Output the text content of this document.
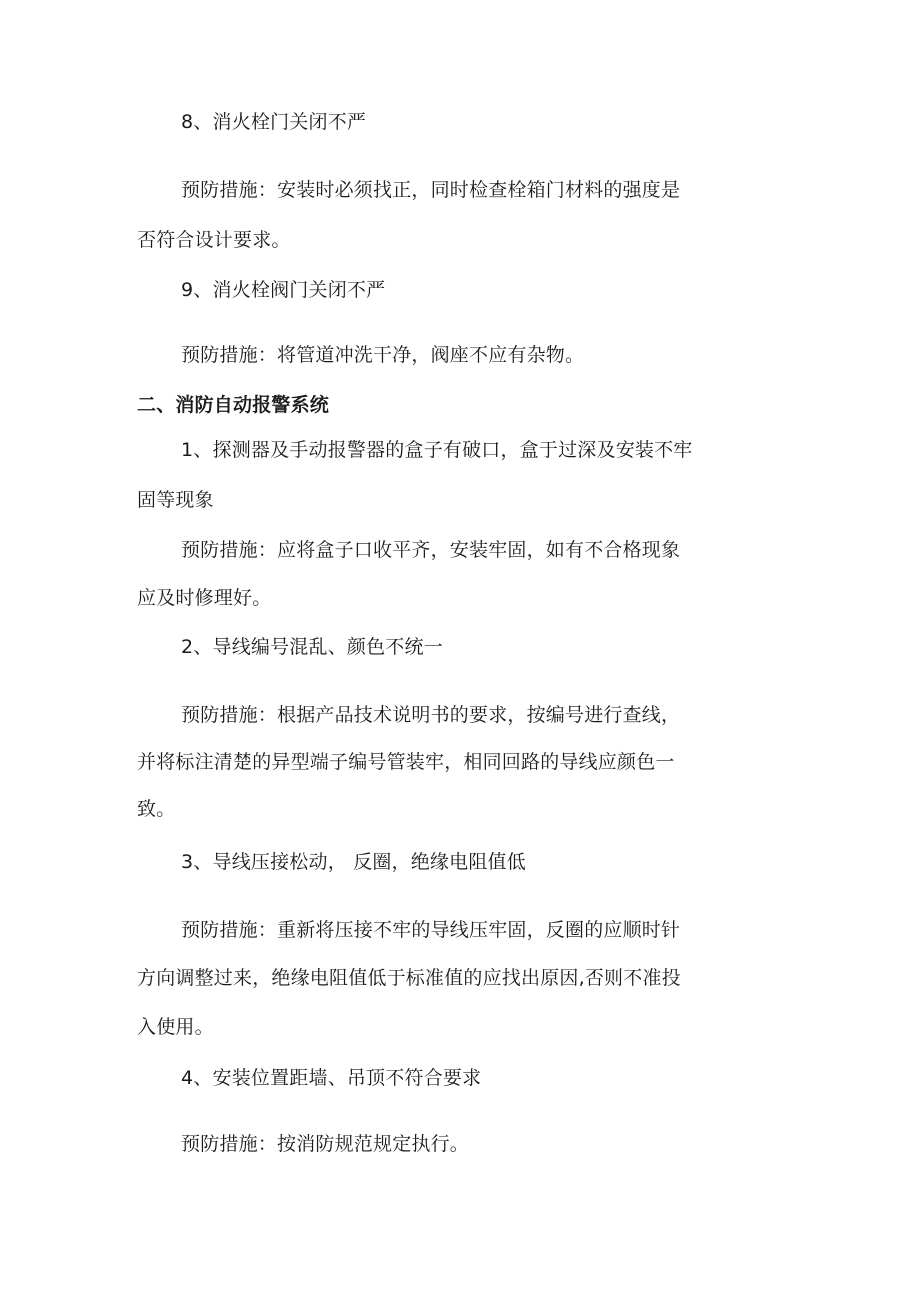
8、消火栓门关闭不严
预防措施：安装时必须找正，同时检查栓箱门材料的强度是
否符合设计要求。
9、消火栓阀门关闭不严
预防措施：将管道冲洗干净，阀座不应有杂物。
二、消防自动报警系统
1、探测器及手动报警器的盒子有破口，盒于过深及安装不牢
固等现象
预防措施：应将盒子口收平齐，安装牢固，如有不合格现象
应及时修理好。
2、导线编号混乱、颜色不统一
预防措施：根据产品技术说明书的要求，按编号进行查线，
并将标注清楚的异型端子编号管装牢，相同回路的导线应颜色一
致。
3、导线压接松动， 反圈，绝缘电阻值低
预防措施：重新将压接不牢的导线压牢固，反圈的应顺时针
方向调整过来，绝缘电阻值低于标准值的应找出原因,否则不准投
入使用。
4、安装位置距墙、吊顶不符合要求
预防措施：按消防规范规定执行。
